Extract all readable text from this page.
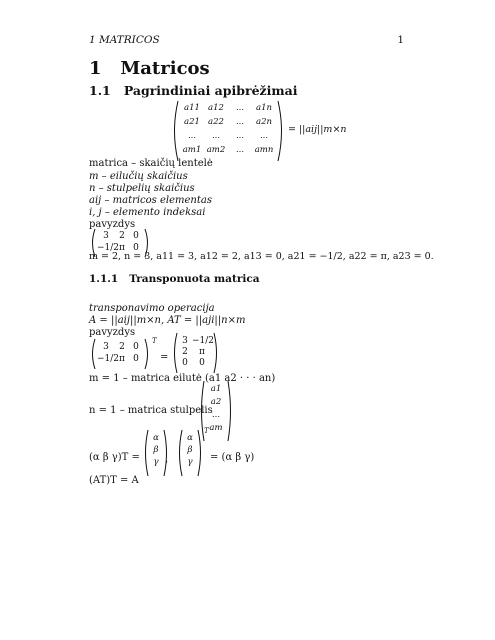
1 MATRICOS	1
1 Matricos
1.1 Pagrindiniai apibrėžimai
a11 a12	...	a1n
a21 a22	...	a2n
...	...	...	...
am1 am2	...	amn
= ||aij||m×n
matrica – skaičių lentelė
m – eilučių skaičius
n – stulpelių skaičius
aij – matricos elementas
i, j – elemento indeksai
pavyzdys
3	2 0
−1/2 π 0
m = 2, n = 3, a11 = 3, a12 = 2, a13 = 0, a21 = −1/2, a22 = π, a23 = 0.
1.1.1 Transponuota matrica
transponavimo operacija
A = ||aij||m×n, AT = ||aji||n×m
pavyzdys
3	2 0
−1/2 π 0
T
=
3 −1/2
2	π
0	0
m = 1 – matrica eilutė (a1 a2 · · · an)
n = 1 – matrica stulpelis
a1
a2
...
am
(α β γ)T =
α
β
γ ,
α
β
γ
T
= (α β γ)
(AT)T = A
